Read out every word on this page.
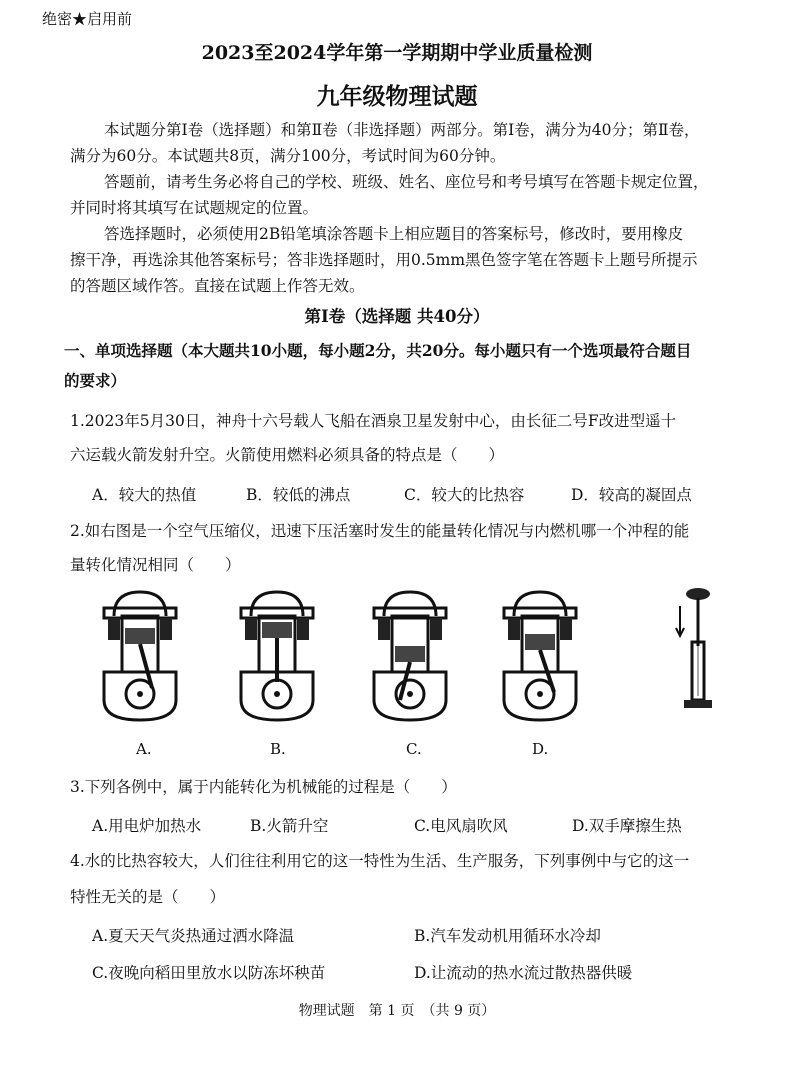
绝密★启用前
2023至2024学年第一学期期中学业质量检测
九年级物理试题
本试题分第Ⅰ卷（选择题）和第Ⅱ卷（非选择题）两部分。第Ⅰ卷，满分为40分；第Ⅱ卷，
满分为60分。本试题共8页，满分100分，考试时间为60分钟。
答题前，请考生务必将自己的学校、班级、姓名、座位号和考号填写在答题卡规定位置，
并同时将其填写在试题规定的位置。
答选择题时，必须使用2B铅笔填涂答题卡上相应题目的答案标号，修改时，要用橡皮
擦干净，再选涂其他答案标号；答非选择题时，用0.5mm黑色签字笔在答题卡上题号所提示
的答题区域作答。直接在试题上作答无效。
第Ⅰ卷（选择题 共40分）
一、单项选择题（本大题共10小题，每小题2分，共20分。每小题只有一个选项最符合题目
的要求）
1.2023年5月30日，神舟十六号载人飞船在酒泉卫星发射中心，由长征二号F改进型遥十
六运载火箭发射升空。火箭使用燃料必须具备的特点是（　　）
A．较大的热值	B．较低的沸点	C．较大的比热容	D．较高的凝固点
2.如右图是一个空气压缩仪，迅速下压活塞时发生的能量转化情况与内燃机哪一个冲程的能
量转化情况相同（　　）
A.	B.	C.	D.
3.下列各例中，属于内能转化为机械能的过程是（　　）
A.用电炉加热水	B.火箭升空	C.电风扇吹风	D.双手摩擦生热
4.水的比热容较大，人们往往利用它的这一特性为生活、生产服务，下列事例中与它的这一
特性无关的是（　　）
A.夏天天气炎热通过洒水降温	B.汽车发动机用循环水冷却
C.夜晚向稻田里放水以防冻坏秧苗	D.让流动的热水流过散热器供暖
物理试题　第 1 页　（共 9 页）
